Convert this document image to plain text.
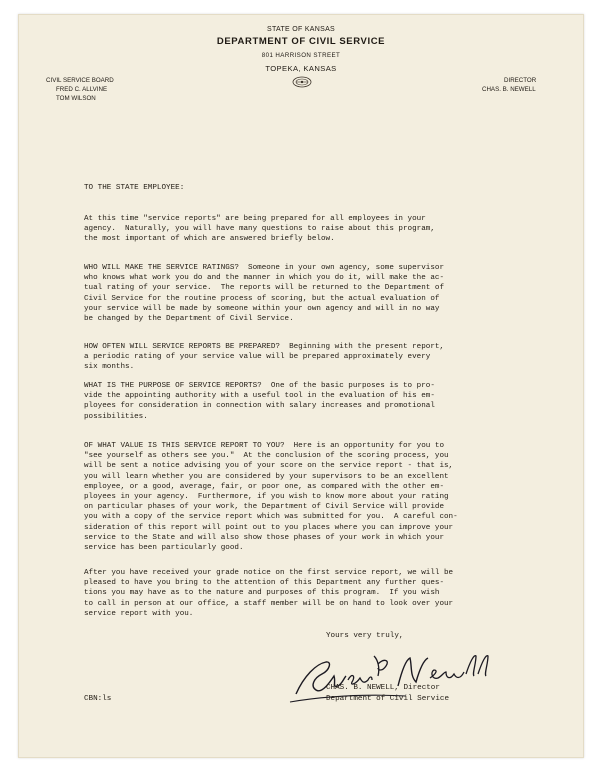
STATE OF KANSAS
DEPARTMENT OF CIVIL SERVICE
801 HARRISON STREET
TOPEKA, KANSAS
CIVIL SERVICE BOARD
FRED C. ALLVINE
TOM WILSON
DIRECTOR
CHAS. B. NEWELL

TO THE STATE EMPLOYEE:

At this time "service reports" are being prepared for all employees in your
agency.  Naturally, you will have many questions to raise about this program,
the most important of which are answered briefly below.

WHO WILL MAKE THE SERVICE RATINGS?  Someone in your own agency, some supervisor
who knows what work you do and the manner in which you do it, will make the ac-
tual rating of your service.  The reports will be returned to the Department of
Civil Service for the routine process of scoring, but the actual evaluation of
your service will be made by someone within your own agency and will in no way
be changed by the Department of Civil Service.

HOW OFTEN WILL SERVICE REPORTS BE PREPARED?  Beginning with the present report,
a periodic rating of your service value will be prepared approximately every
six months.

WHAT IS THE PURPOSE OF SERVICE REPORTS?  One of the basic purposes is to pro-
vide the appointing authority with a useful tool in the evaluation of his em-
ployees for consideration in connection with salary increases and promotional
possibilities.

OF WHAT VALUE IS THIS SERVICE REPORT TO YOU?  Here is an opportunity for you to
"see yourself as others see you."  At the conclusion of the scoring process, you
will be sent a notice advising you of your score on the service report - that is,
you will learn whether you are considered by your supervisors to be an excellent
employee, or a good, average, fair, or poor one, as compared with the other em-
ployees in your agency.  Furthermore, if you wish to know more about your rating
on particular phases of your work, the Department of Civil Service will provide
you with a copy of the service report which was submitted for you.  A careful con-
sideration of this report will point out to you places where you can improve your
service to the State and will also show those phases of your work in which your
service has been particularly good.

After you have received your grade notice on the first service report, we will be
pleased to have you bring to the attention of this Department any further ques-
tions you may have as to the nature and purposes of this program.  If you wish
to call in person at our office, a staff member will be on hand to look over your
service report with you.

Yours very truly,
CHAS. B. NEWELL, Director
Department of Civil Service
CBN:ls
